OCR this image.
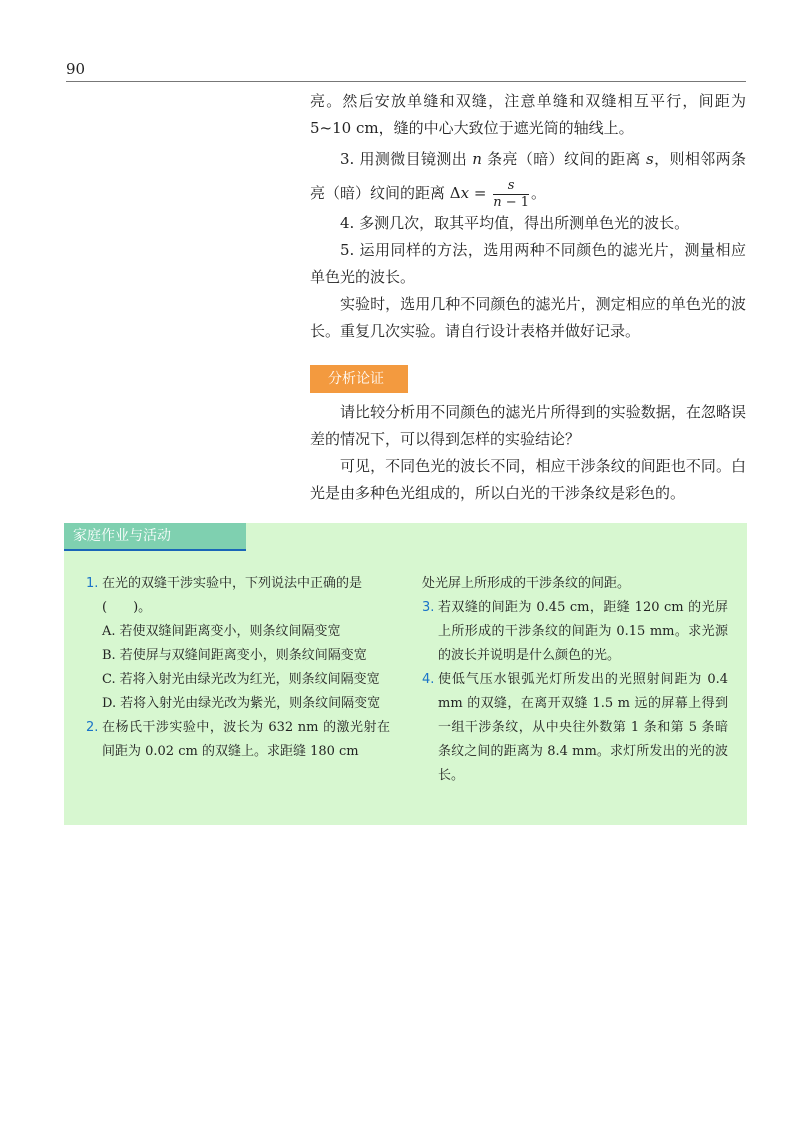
90

亮。然后安放单缝和双缝，注意单缝和双缝相互平行，间距为5~10 cm，缝的中心大致位于遮光筒的轴线上。

3. 用测微目镜测出 n 条亮（暗）纹间的距离 s，则相邻两条亮（暗）纹间的距离 $\Delta x = \frac{s}{n - 1}$ 。

4. 多测几次，取其平均值，得出所测单色光的波长。

5. 运用同样的方法，选用两种不同颜色的滤光片，测量相应单色光的波长。

实验时，选用几种不同颜色的滤光片，测定相应的单色光的波长。重复几次实验。请自行设计表格并做好记录。

分析论证

请比较分析用不同颜色的滤光片所得到的实验数据，在忽略误差的情况下，可以得到怎样的实验结论？

可见，不同色光的波长不同，相应干涉条纹的间距也不同。白光是由多种色光组成的，所以白光的干涉条纹是彩色的。

家庭作业与活动
1. 在光的双缝干涉实验中，下列说法中正确的是
(　　)。
A. 若使双缝间距离变小，则条纹间隔变宽
B. 若使屏与双缝间距离变小，则条纹间隔变宽
C. 若将入射光由绿光改为红光，则条纹间隔变宽
D. 若将入射光由绿光改为紫光，则条纹间隔变宽
2. 在杨氏干涉实验中，波长为 632 nm 的激光射在间距为 0.02 cm 的双缝上。求距缝 180 cm
处光屏上所形成的干涉条纹的间距。
3. 若双缝的间距为 0.45 cm，距缝 120 cm 的光屏上所形成的干涉条纹的间距为 0.15 mm。求光源的波长并说明是什么颜色的光。
4. 使低气压水银弧光灯所发出的光照射间距为 0.4 mm 的双缝，在离开双缝 1.5 m 远的屏幕上得到一组干涉条纹，从中央往外数第 1 条和第 5 条暗条纹之间的距离为 8.4 mm。求灯所发出的光的波长。
